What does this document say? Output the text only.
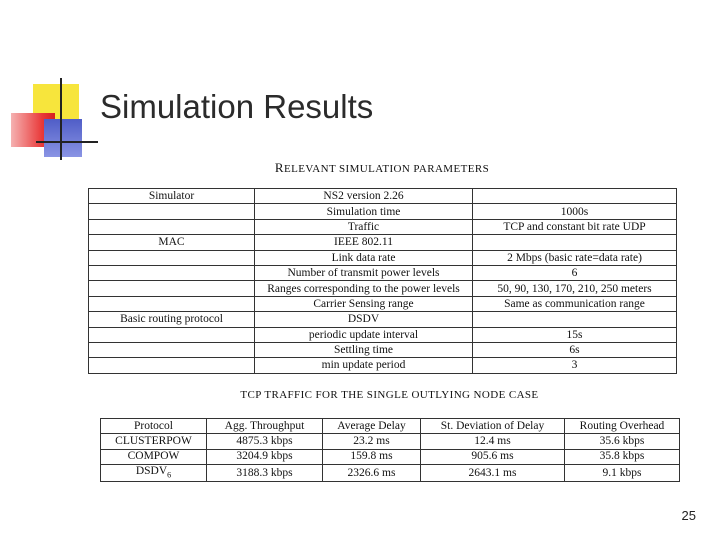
Simulation Results
RELEVANT SIMULATION PARAMETERS
Simulator	NS2 version 2.26	
	Simulation time	1000s
	Traffic	TCP and constant bit rate UDP
MAC	IEEE 802.11	
	Link data rate	2 Mbps (basic rate=data rate)
	Number of transmit power levels	6
	Ranges corresponding to the power levels	50, 90, 130, 170, 210, 250 meters
	Carrier Sensing range	Same as communication range
Basic routing protocol	DSDV	
	periodic update interval	15s
	Settling time	6s
	min update period	3
TCP TRAFFIC FOR THE SINGLE OUTLYING NODE CASE
Protocol	Agg. Throughput	Average Delay	St. Deviation of Delay	Routing Overhead
CLUSTERPOW	4875.3 kbps	23.2 ms	12.4 ms	35.6 kbps
COMPOW	3204.9 kbps	159.8 ms	905.6 ms	35.8 kbps
$DSDV_6$	3188.3 kbps	2326.6 ms	2643.1 ms	9.1 kbps
25
